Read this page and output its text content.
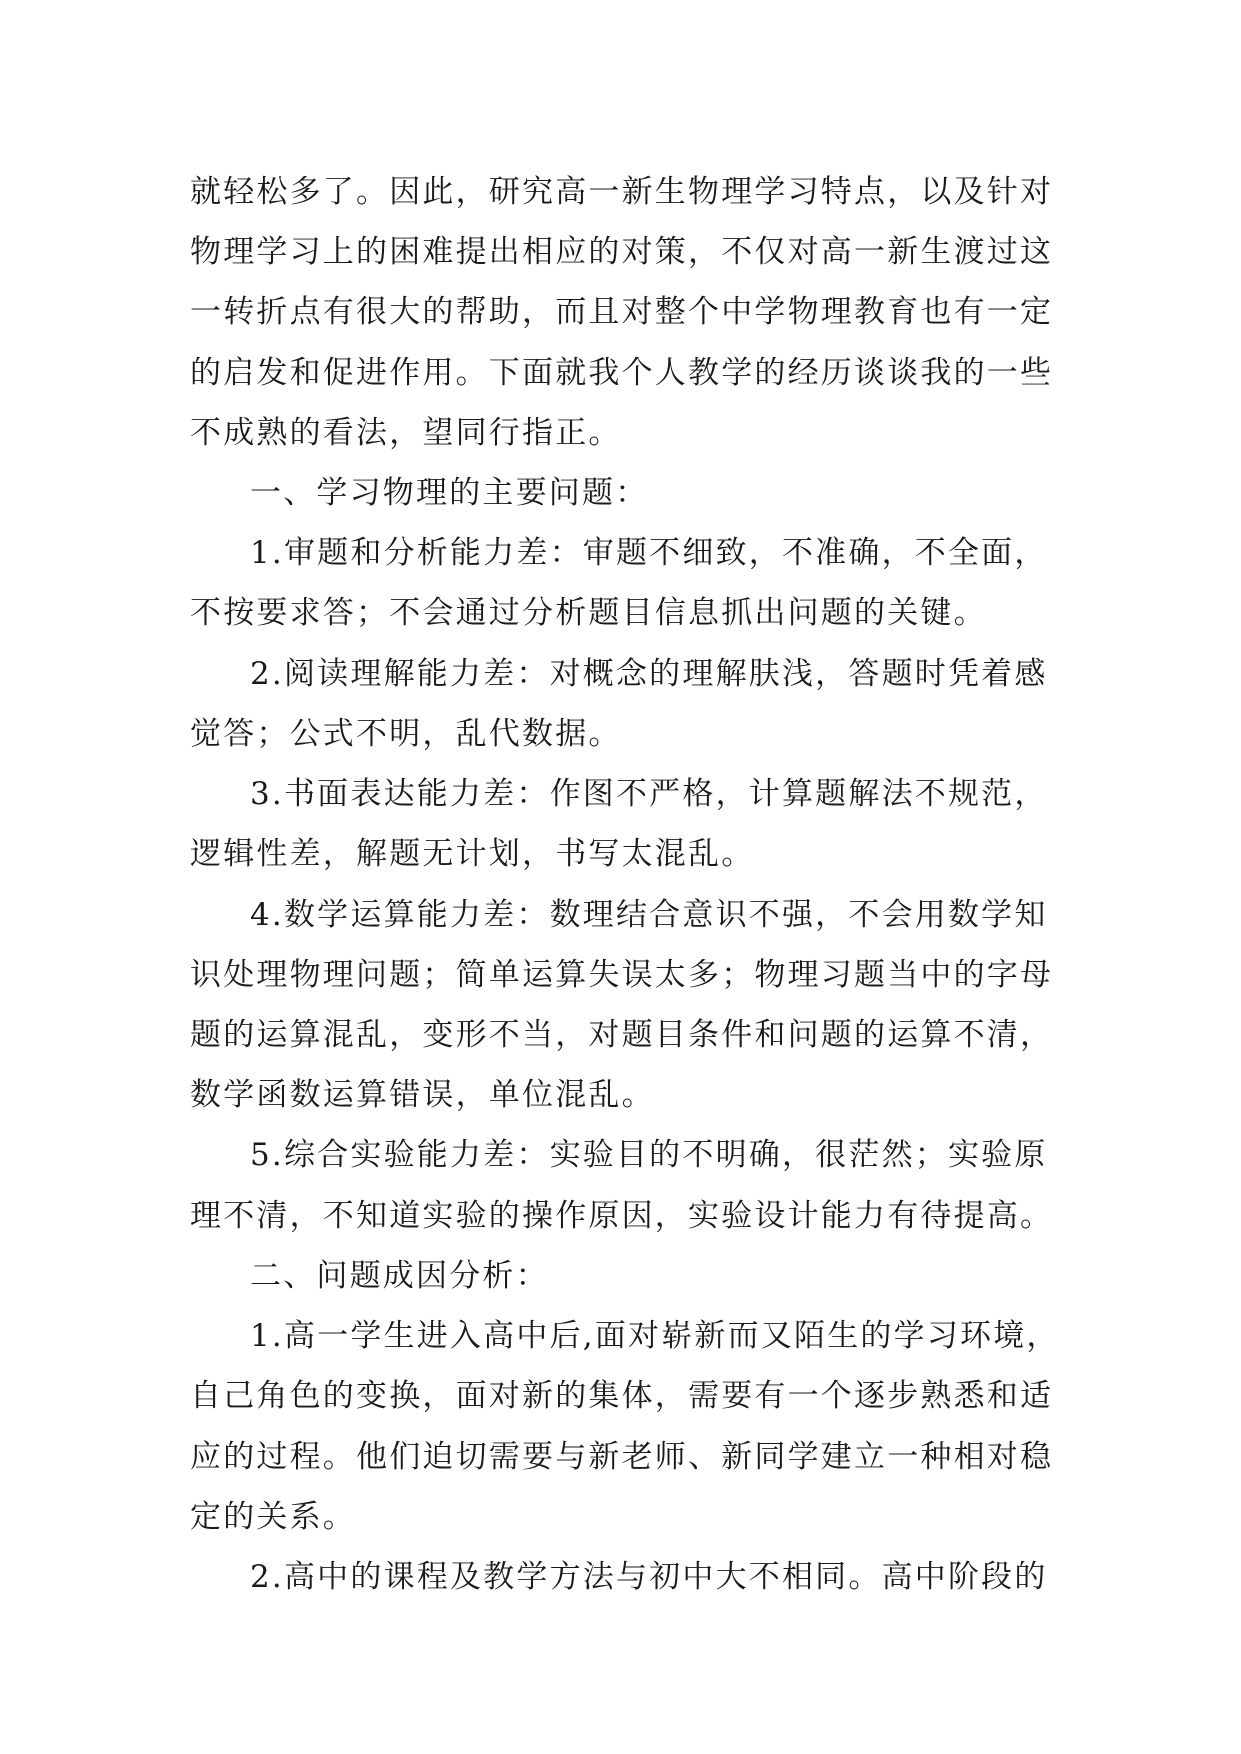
就轻松多了。因此，研究高一新生物理学习特点，以及针对
物理学习上的困难提出相应的对策，不仅对高一新生渡过这
一转折点有很大的帮助，而且对整个中学物理教育也有一定
的启发和促进作用。下面就我个人教学的经历谈谈我的一些
不成熟的看法，望同行指正。
一、学习物理的主要问题：
1.审题和分析能力差：审题不细致，不准确，不全面，
不按要求答；不会通过分析题目信息抓出问题的关键。
2.阅读理解能力差：对概念的理解肤浅，答题时凭着感
觉答；公式不明，乱代数据。
3.书面表达能力差：作图不严格，计算题解法不规范，
逻辑性差，解题无计划，书写太混乱。
4.数学运算能力差：数理结合意识不强，不会用数学知
识处理物理问题；简单运算失误太多；物理习题当中的字母
题的运算混乱，变形不当，对题目条件和问题的运算不清，
数学函数运算错误，单位混乱。
5.综合实验能力差：实验目的不明确，很茫然；实验原
理不清，不知道实验的操作原因，实验设计能力有待提高。
二、问题成因分析：
1.高一学生进入高中后,面对崭新而又陌生的学习环境，
自己角色的变换，面对新的集体，需要有一个逐步熟悉和适
应的过程。他们迫切需要与新老师、新同学建立一种相对稳
定的关系。
2.高中的课程及教学方法与初中大不相同。高中阶段的
